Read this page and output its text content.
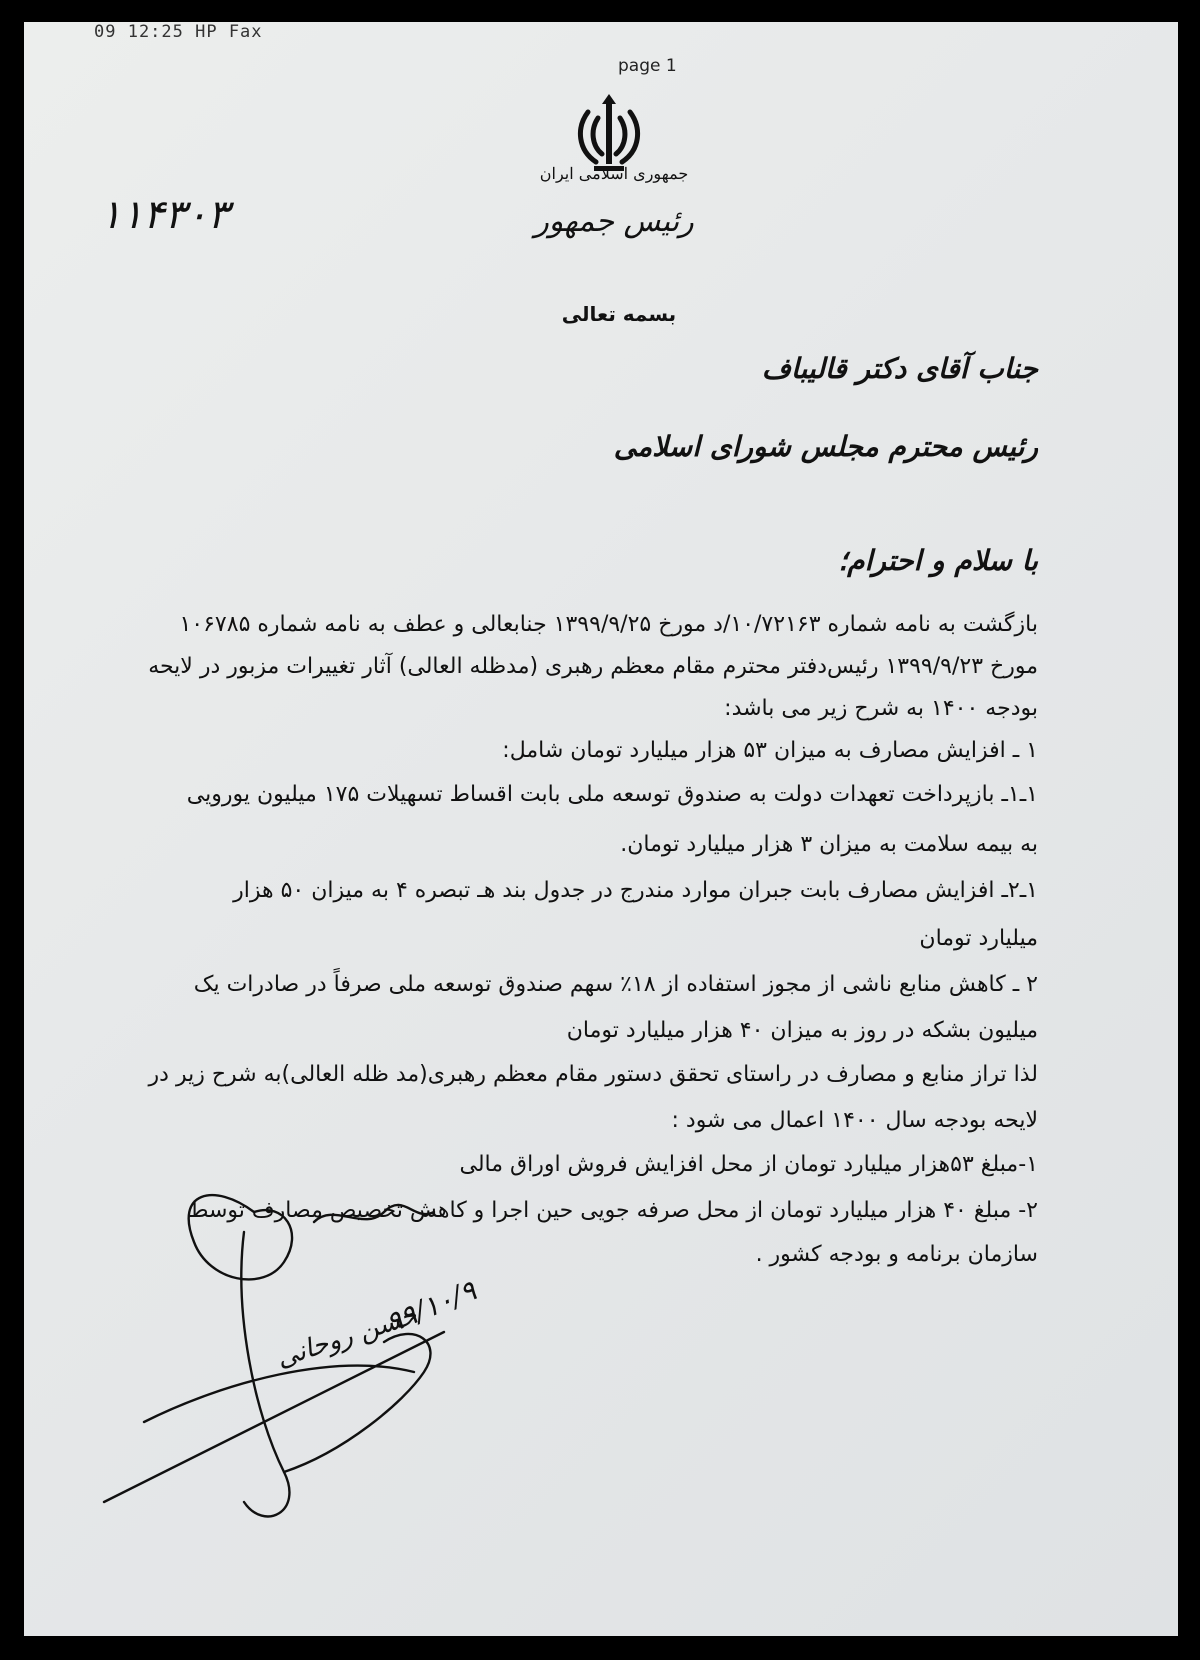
09 12:25 HP Fax
page 1
جمهوری اسلامی ایران
رئیس جمهور
۱۱۴۳۰۳
بسمه تعالی
جناب آقای دکتر قالیباف
رئیس محترم مجلس شورای اسلامی
با سلام و احترام؛
بازگشت به نامه شماره ۱۰/۷۲۱۶۳/د مورخ ۱۳۹۹/۹/۲۵ جنابعالی و عطف به نامه شماره ۱۰۶۷۸۵
مورخ ۱۳۹۹/۹/۲۳ رئیس‌دفتر محترم مقام معظم رهبری (مدظله العالی) آثار تغییرات مزبور در لایحه
بودجه ۱۴۰۰ به شرح زیر می باشد:
۱ ـ افزایش مصارف به میزان ۵۳ هزار میلیارد تومان شامل:
۱ـ۱ـ بازپرداخت تعهدات دولت به صندوق توسعه ملی بابت اقساط تسهیلات ۱۷۵ میلیون یورویی
به بیمه سلامت به میزان ۳ هزار میلیارد تومان.
۱ـ۲ـ افزایش مصارف بابت جبران موارد مندرج در جدول بند هـ تبصره ۴ به میزان ۵۰ هزار
میلیارد تومان
۲ ـ کاهش منابع ناشی از مجوز استفاده از ۱۸٪ سهم صندوق توسعه ملی صرفاً در صادرات یک
میلیون بشکه در روز به میزان ۴۰ هزار میلیارد تومان
لذا تراز منابع و مصارف در راستای تحقق دستور مقام معظم رهبری(مد ظله العالی)به شرح زیر در
لایحه بودجه سال ۱۴۰۰ اعمال می شود :
۱-مبلغ ۵۳هزار میلیارد تومان از محل افزایش فروش اوراق مالی
۲- مبلغ ۴۰ هزار میلیارد تومان از محل صرفه جویی حین اجرا و کاهش تخصیص مصارف توسط
سازمان برنامه و بودجه کشور .
حسن روحانی
۹۹/۱۰/۹
